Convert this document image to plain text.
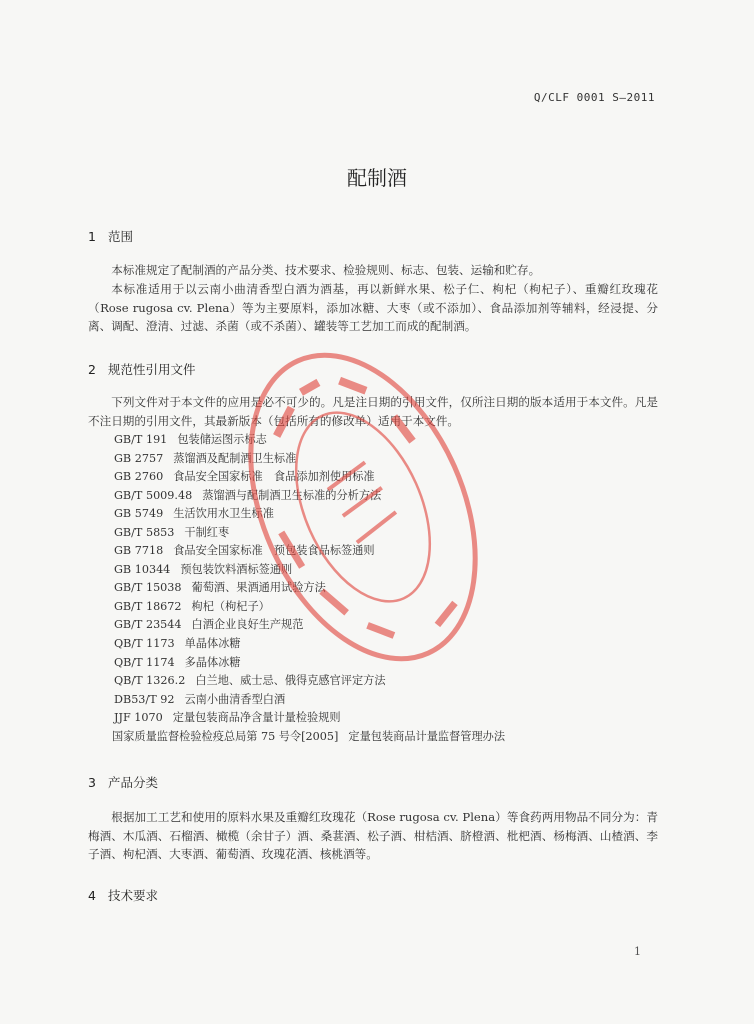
Q/CLF 0001 S—2011
配制酒
1 范围
本标准规定了配制酒的产品分类、技术要求、检验规则、标志、包装、运输和贮存。
本标准适用于以云南小曲清香型白酒为酒基，再以新鲜水果、松子仁、枸杞（枸杞子）、重瓣红玫瑰花（Rose rugosa cv. Plena）等为主要原料，添加冰糖、大枣（或不添加）、食品添加剂等辅料，经浸提、分离、调配、澄清、过滤、杀菌（或不杀菌）、罐装等工艺加工而成的配制酒。
2 规范性引用文件
下列文件对于本文件的应用是必不可少的。凡是注日期的引用文件，仅所注日期的版本适用于本文件。凡是不注日期的引用文件，其最新版本（包括所有的修改单）适用于本文件。
GB/T 191 包装储运图示标志
GB 2757 蒸馏酒及配制酒卫生标准
GB 2760 食品安全国家标准　食品添加剂使用标准
GB/T 5009.48 蒸馏酒与配制酒卫生标准的分析方法
GB 5749 生活饮用水卫生标准
GB/T 5853 干制红枣
GB 7718 食品安全国家标准　预包装食品标签通则
GB 10344 预包装饮料酒标签通则
GB/T 15038 葡萄酒、果酒通用试验方法
GB/T 18672 枸杞（枸杞子）
GB/T 23544 白酒企业良好生产规范
QB/T 1173 单晶体冰糖
QB/T 1174 多晶体冰糖
QB/T 1326.2 白兰地、威士忌、俄得克感官评定方法
DB53/T 92 云南小曲清香型白酒
JJF 1070 定量包装商品净含量计量检验规则
国家质量监督检验检疫总局第 75 号令[2005] 定量包装商品计量监督管理办法
3 产品分类
根据加工工艺和使用的原料水果及重瓣红玫瑰花（Rose rugosa cv. Plena）等食药两用物品不同分为：青梅酒、木瓜酒、石榴酒、橄榄（余甘子）酒、桑葚酒、松子酒、柑桔酒、脐橙酒、枇杷酒、杨梅酒、山楂酒、李子酒、枸杞酒、大枣酒、葡萄酒、玫瑰花酒、核桃酒等。
4 技术要求
1
